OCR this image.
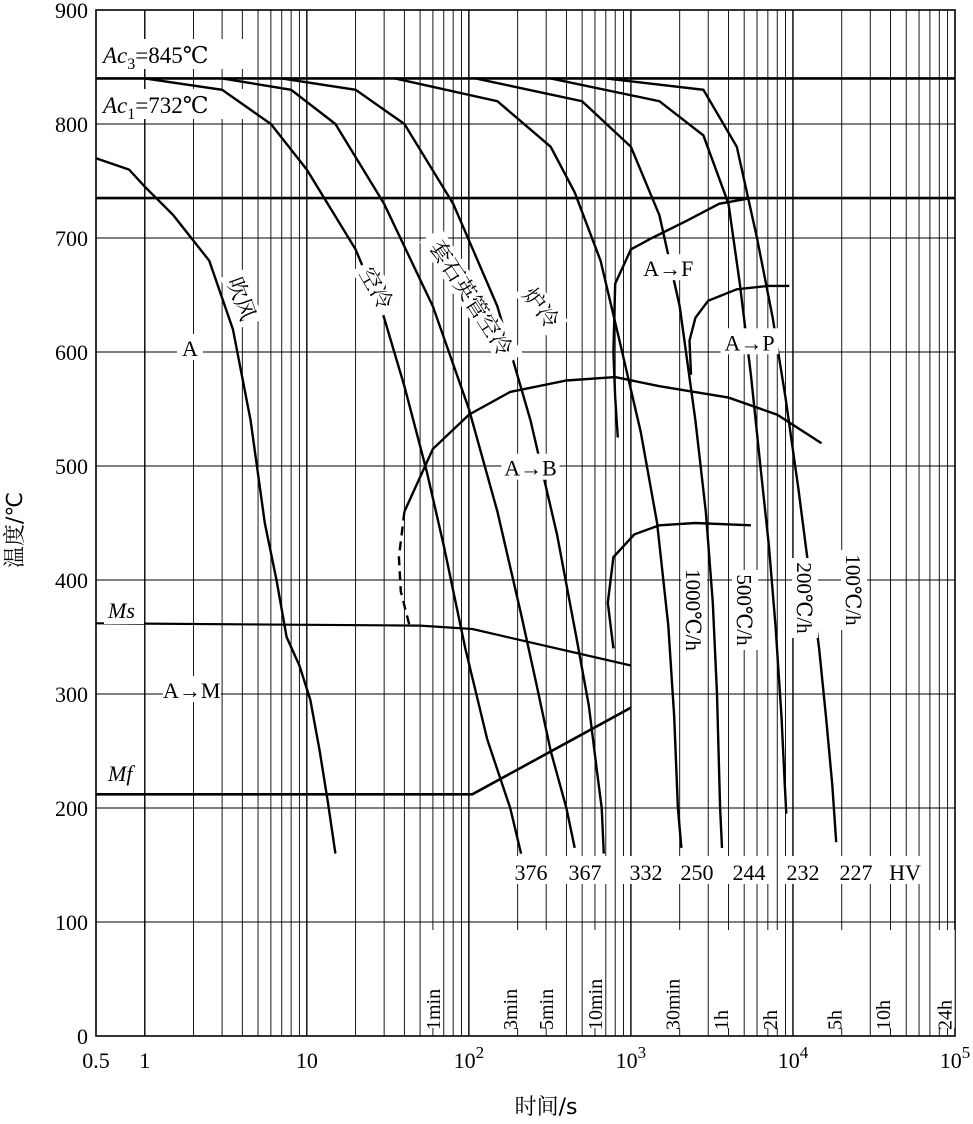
$Ac_3=845℃$
$Ac_1=732℃$
Ms
Mf
1min	3min 5min 10min	30min 1h 2h 5h 10h 24h
吹风	空冷 套石英管空冷 炉冷
1000℃/h 500℃/h 200℃/h 100℃/h
A
A→F
A→P
A→B
A→M
376 367 332 250 244 232 227 HV
0
100
200
300
400
500
600
700
800
900
0.5 1	10	$10^2$	$10^3$	$10^4$	$10^5$
时间/s
温度/℃
